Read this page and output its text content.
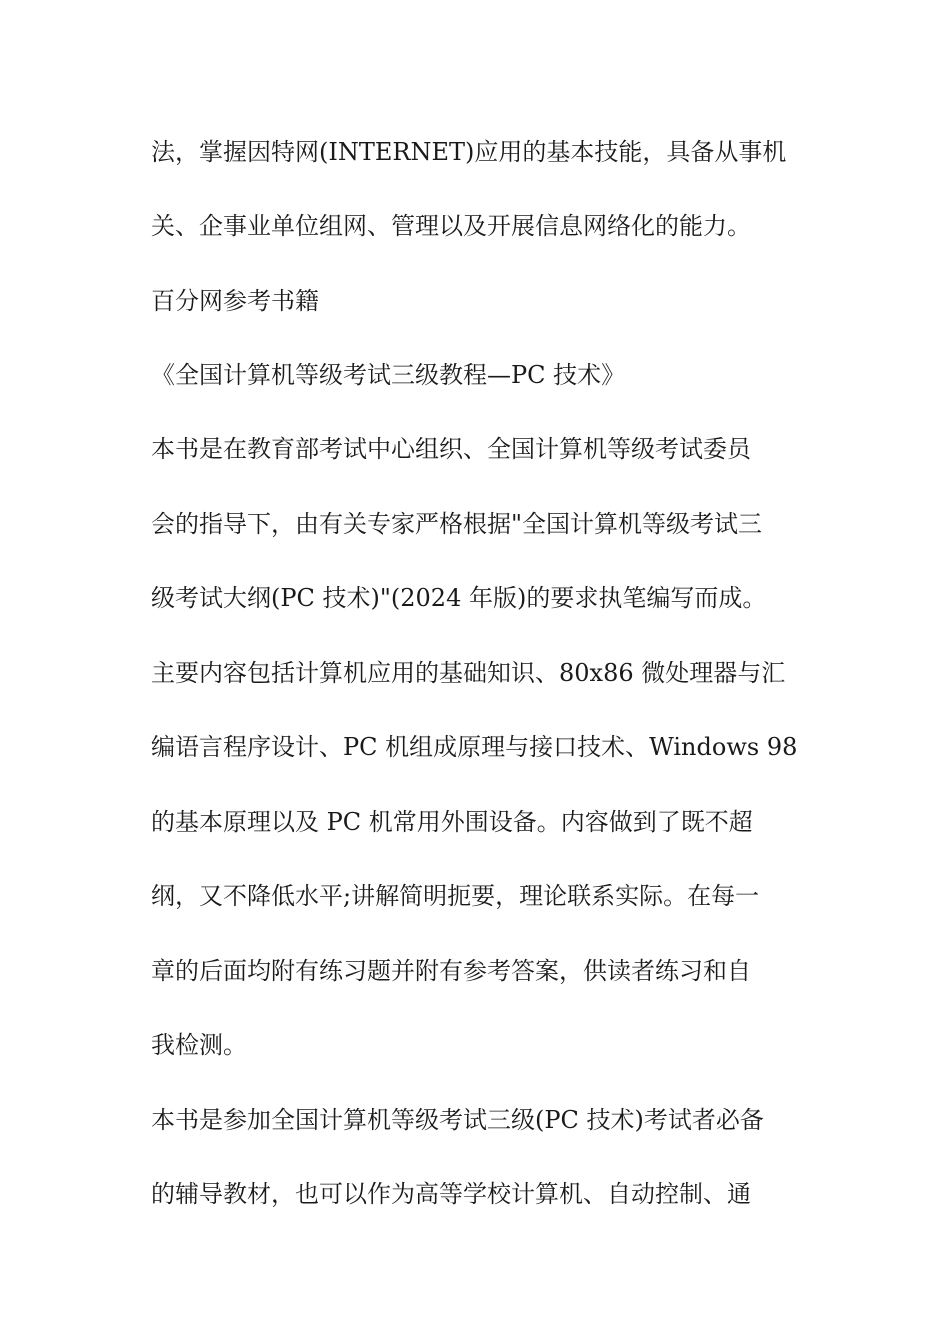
法，掌握因特网(INTERNET)应用的基本技能，具备从事机

关、企事业单位组网、管理以及开展信息网络化的能力。

百分网参考书籍

《全国计算机等级考试三级教程—PC 技术》

本书是在教育部考试中心组织、全国计算机等级考试委员

会的指导下，由有关专家严格根据"全国计算机等级考试三

级考试大纲(PC 技术)"(2024 年版)的要求执笔编写而成。

主要内容包括计算机应用的基础知识、80x86 微处理器与汇

编语言程序设计、PC 机组成原理与接口技术、Windows 98

的基本原理以及 PC 机常用外围设备。内容做到了既不超

纲，又不降低水平;讲解简明扼要，理论联系实际。在每一

章的后面均附有练习题并附有参考答案，供读者练习和自

我检测。

本书是参加全国计算机等级考试三级(PC 技术)考试者必备

的辅导教材，也可以作为高等学校计算机、自动控制、通
